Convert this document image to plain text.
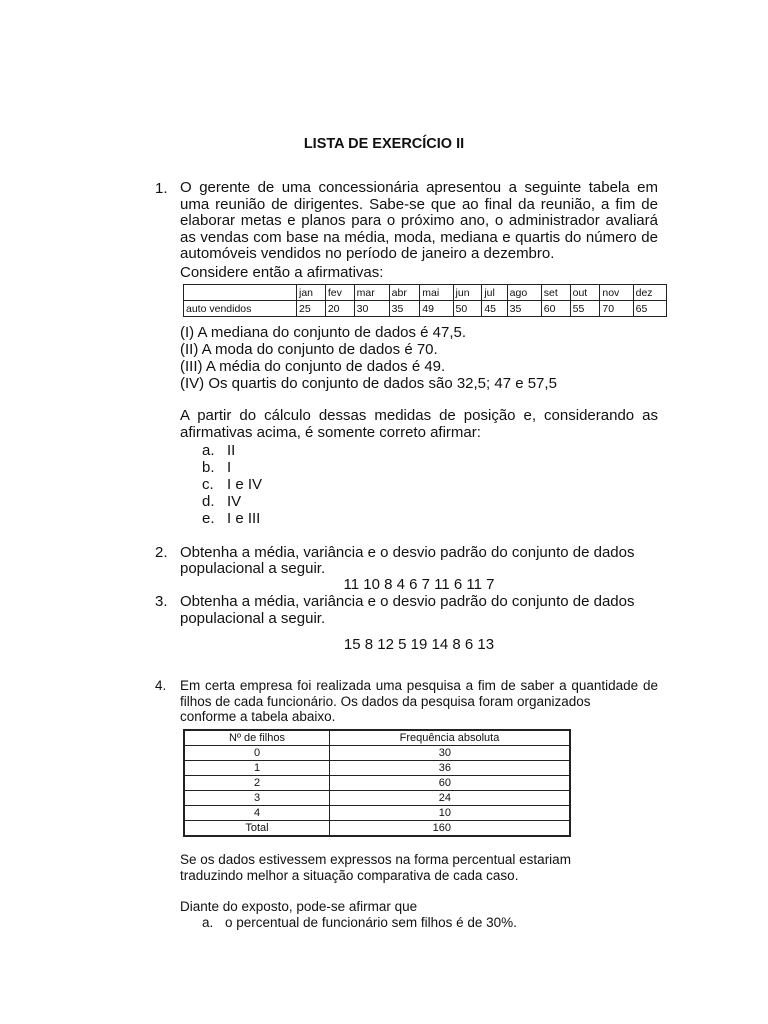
LISTA DE EXERCÍCIO II
1. O gerente de uma concessionária apresentou a seguinte tabela em uma reunião de dirigentes. Sabe-se que ao final da reunião, a fim de elaborar metas e planos para o próximo ano, o administrador avaliará as vendas com base na média, moda, mediana e quartis do número de automóveis vendidos no período de janeiro a dezembro.
Considere então a afirmativas:
	jan	fev	mar	abr	mai	jun	jul	ago	set	out	nov	dez
auto vendidos	25	20	30	35	49	50	45	35	60	55	70	65
(I) A mediana do conjunto de dados é 47,5.
(II) A moda do conjunto de dados é 70.
(III) A média do conjunto de dados é 49.
(IV) Os quartis do conjunto de dados são 32,5; 47 e 57,5
A partir do cálculo dessas medidas de posição e, considerando as afirmativas acima, é somente correto afirmar:
a. II
b. I
c. I e IV
d. IV
e. I e III
2. Obtenha a média, variância e o desvio padrão do conjunto de dados
populacional a seguir.
11 10 8 4 6 7 11 6 11 7
3. Obtenha a média, variância e o desvio padrão do conjunto de dados
populacional a seguir.
15 8 12 5 19 14 8 6 13
4. Em certa empresa foi realizada uma pesquisa a fim de saber a quantidade de filhos de cada funcionário. Os dados da pesquisa foram organizados
conforme a tabela abaixo.
Nº de filhos	Frequência absoluta
0	30
1	36
2	60
3	24
4	10
Total	160
Se os dados estivessem expressos na forma percentual estariam
traduzindo melhor a situação comparativa de cada caso.
Diante do exposto, pode-se afirmar que
a. o percentual de funcionário sem filhos é de 30%.
